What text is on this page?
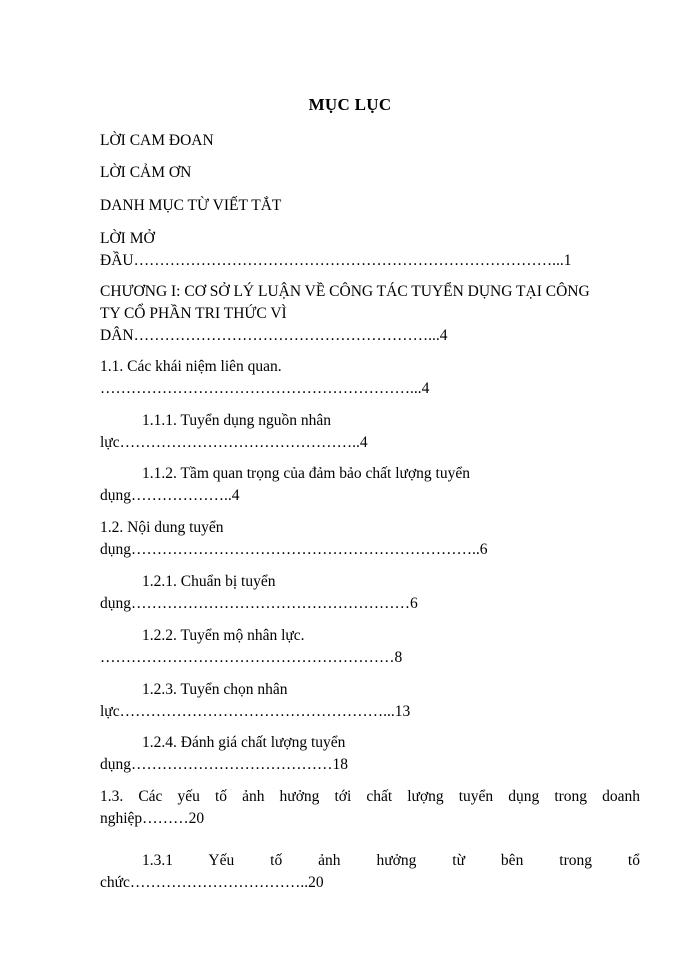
MỤC LỤC
LỜI CAM ĐOAN
LỜI CẢM ƠN
DANH MỤC TỪ VIẾT TẮT
LỜI MỞ
ĐẦU………………………………………………………………………...1
CHƯƠNG I: CƠ SỞ LÝ LUẬN VỀ CÔNG TÁC TUYỂN DỤNG TẠI CÔNG
TY CỔ PHẦN TRI THỨC VÌ
DÂN…………………………………………………...4
1.1. Các khái niệm liên quan.
……………………………………………………...4
1.1.1. Tuyển dụng nguồn nhân
lực………………………………………..4
1.1.2. Tầm quan trọng của đảm bảo chất lượng tuyển
dụng………………..4
1.2. Nội dung tuyển
dụng…………………………………………………………..6
1.2.1. Chuẩn bị tuyển
dụng………………………………………………6
1.2.2. Tuyển mộ nhân lực.
…………………………………………………8
1.2.3. Tuyển chọn nhân
lực……………………………………………...13
1.2.4. Đánh giá chất lượng tuyển
dụng…………………………………18
1.3. Các yếu tố ảnh hưởng tới chất lượng tuyển dụng trong doanh
nghiệp………20
1.3.1 Yếu tố ảnh hưởng từ bên trong tổ
chức……………………………..20
